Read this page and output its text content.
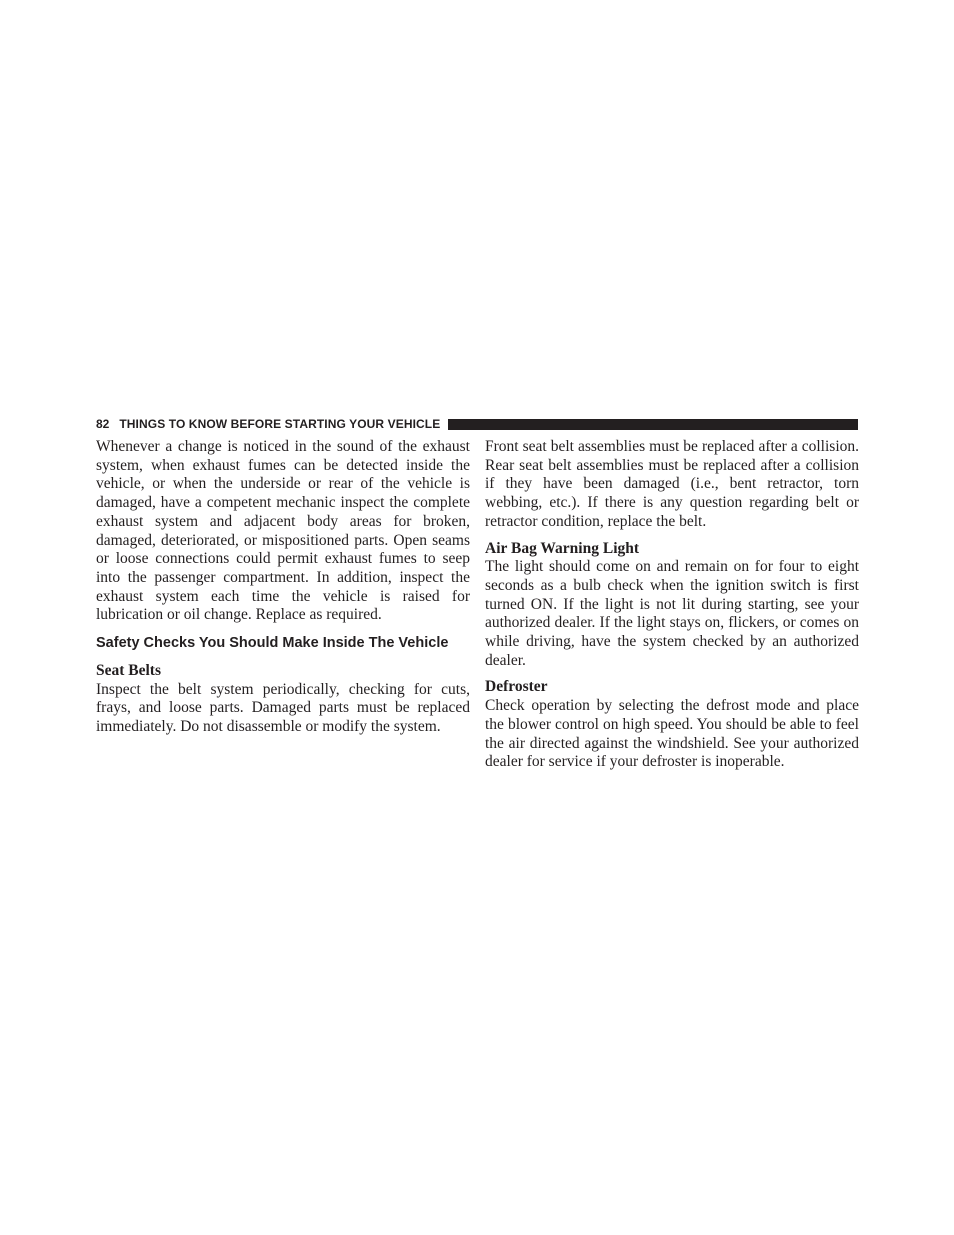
82 THINGS TO KNOW BEFORE STARTING YOUR VEHICLE

Whenever a change is noticed in the sound of the exhaust system, when exhaust fumes can be detected inside the vehicle, or when the underside or rear of the vehicle is damaged, have a competent mechanic inspect the complete exhaust system and adjacent body areas for broken, damaged, deteriorated, or mispositioned parts. Open seams or loose connections could permit exhaust fumes to seep into the passenger compartment. In addition, inspect the exhaust system each time the vehicle is raised for lubrication or oil change. Replace as required.

Safety Checks You Should Make Inside The Vehicle
Seat Belts

Inspect the belt system periodically, checking for cuts, frays, and loose parts. Damaged parts must be replaced immediately. Do not disassemble or modify the system.

Front seat belt assemblies must be replaced after a collision. Rear seat belt assemblies must be replaced after a collision if they have been damaged (i.e., bent retractor, torn webbing, etc.). If there is any question regarding belt or retractor condition, replace the belt.

Air Bag Warning Light

The light should come on and remain on for four to eight seconds as a bulb check when the ignition switch is first turned ON. If the light is not lit during starting, see your authorized dealer. If the light stays on, flickers, or comes on while driving, have the system checked by an authorized dealer.

Defroster

Check operation by selecting the defrost mode and place the blower control on high speed. You should be able to feel the air directed against the windshield. See your authorized dealer for service if your defroster is inoperable.
